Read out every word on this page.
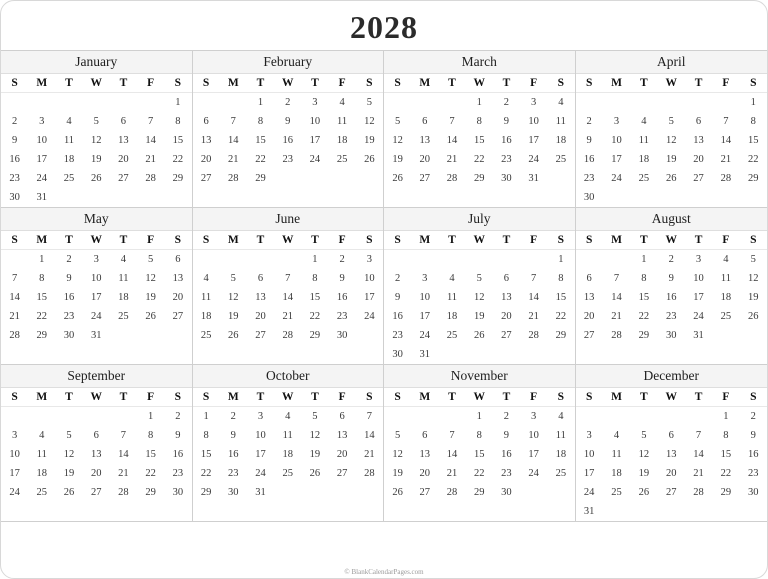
2028
January
S	M	T	W	T	F	S
						1
2	3	4	5	6	7	8
9	10	11	12	13	14	15
16	17	18	19	20	21	22
23	24	25	26	27	28	29
30	31					
February
S	M	T	W	T	F	S
		1	2	3	4	5
6	7	8	9	10	11	12
13	14	15	16	17	18	19
20	21	22	23	24	25	26
27	28	29				

March
S	M	T	W	T	F	S
			1	2	3	4
5	6	7	8	9	10	11
12	13	14	15	16	17	18
19	20	21	22	23	24	25
26	27	28	29	30	31	

April
S	M	T	W	T	F	S
						1
2	3	4	5	6	7	8
9	10	11	12	13	14	15
16	17	18	19	20	21	22
23	24	25	26	27	28	29
30						
May
S	M	T	W	T	F	S
	1	2	3	4	5	6
7	8	9	10	11	12	13
14	15	16	17	18	19	20
21	22	23	24	25	26	27
28	29	30	31			

June
S	M	T	W	T	F	S
				1	2	3
4	5	6	7	8	9	10
11	12	13	14	15	16	17
18	19	20	21	22	23	24
25	26	27	28	29	30	

July
S	M	T	W	T	F	S
						1
2	3	4	5	6	7	8
9	10	11	12	13	14	15
16	17	18	19	20	21	22
23	24	25	26	27	28	29
30	31					
August
S	M	T	W	T	F	S
		1	2	3	4	5
6	7	8	9	10	11	12
13	14	15	16	17	18	19
20	21	22	23	24	25	26
27	28	29	30	31		

September
S	M	T	W	T	F	S
					1	2
3	4	5	6	7	8	9
10	11	12	13	14	15	16
17	18	19	20	21	22	23
24	25	26	27	28	29	30

October
S	M	T	W	T	F	S
1	2	3	4	5	6	7
8	9	10	11	12	13	14
15	16	17	18	19	20	21
22	23	24	25	26	27	28
29	30	31				

November
S	M	T	W	T	F	S
			1	2	3	4
5	6	7	8	9	10	11
12	13	14	15	16	17	18
19	20	21	22	23	24	25
26	27	28	29	30		

December
S	M	T	W	T	F	S
					1	2
3	4	5	6	7	8	9
10	11	12	13	14	15	16
17	18	19	20	21	22	23
24	25	26	27	28	29	30
31						
© BlankCalendarPages.com
